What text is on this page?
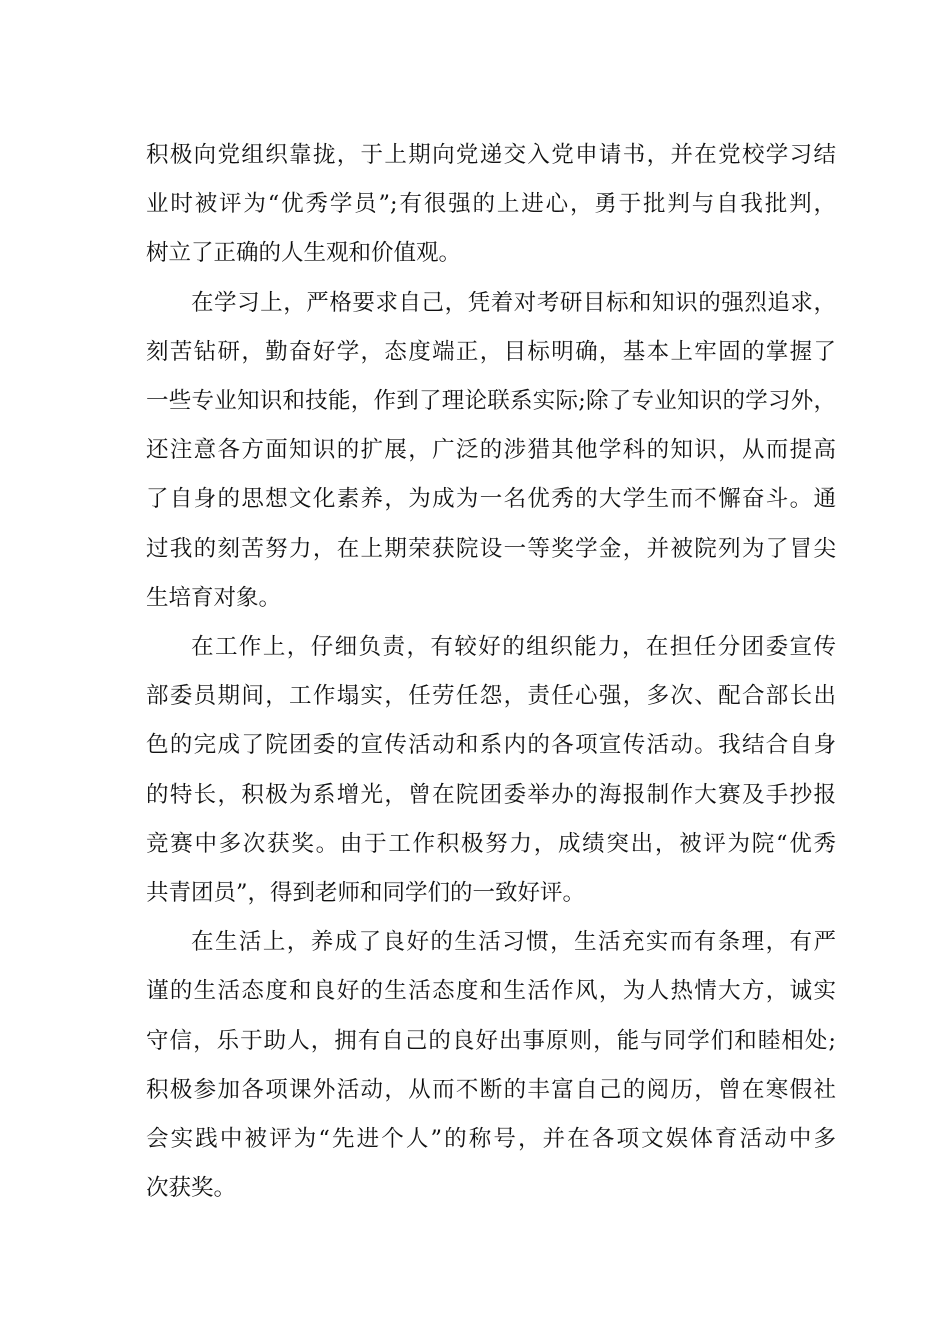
积极向党组织靠拢，于上期向党递交入党申请书，并在党校学习结
业时被评为“优秀学员”;有很强的上进心，勇于批判与自我批判，
树立了正确的人生观和价值观。
在学习上，严格要求自己，凭着对考研目标和知识的强烈追求，
刻苦钻研，勤奋好学，态度端正，目标明确，基本上牢固的掌握了
一些专业知识和技能，作到了理论联系实际;除了专业知识的学习外，
还注意各方面知识的扩展，广泛的涉猎其他学科的知识，从而提高
了自身的思想文化素养，为成为一名优秀的大学生而不懈奋斗。通
过我的刻苦努力，在上期荣获院设一等奖学金，并被院列为了冒尖
生培育对象。
在工作上，仔细负责，有较好的组织能力，在担任分团委宣传
部委员期间，工作塌实，任劳任怨，责任心强，多次、配合部长出
色的完成了院团委的宣传活动和系内的各项宣传活动。我结合自身
的特长，积极为系增光，曾在院团委举办的海报制作大赛及手抄报
竞赛中多次获奖。由于工作积极努力，成绩突出，被评为院“优秀
共青团员”，得到老师和同学们的一致好评。
在生活上，养成了良好的生活习惯，生活充实而有条理，有严
谨的生活态度和良好的生活态度和生活作风，为人热情大方，诚实
守信，乐于助人，拥有自己的良好出事原则，能与同学们和睦相处;
积极参加各项课外活动，从而不断的丰富自己的阅历，曾在寒假社
会实践中被评为“先进个人”的称号，并在各项文娱体育活动中多
次获奖。
